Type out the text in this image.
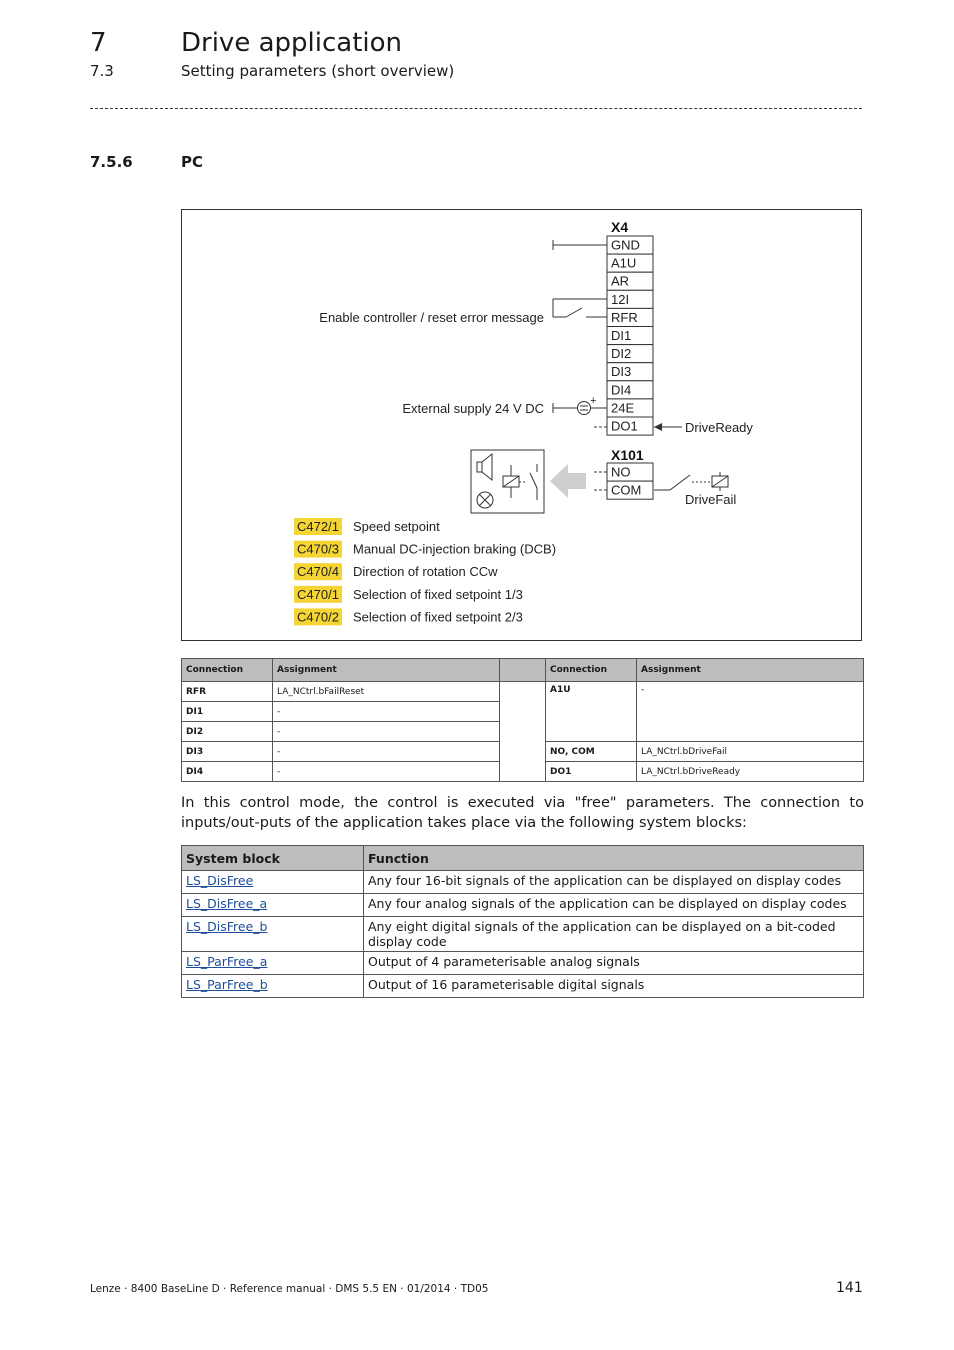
7	Drive application
7.3	Setting parameters (short overview)
7.5.6	PC
X4
GND
A1U
AR
12I
RFR
DI1
DI2
DI3
DI4
24E
DO1
Enable controller / reset error message
+
External supply 24 V DC
DriveReady
X101
NO
COM
DriveFail
C472/1 Speed setpoint
C470/3 Manual DC-injection braking (DCB)
C470/4 Direction of rotation CCw
C470/1 Selection of fixed setpoint 1/3
C470/2 Selection of fixed setpoint 2/3
Connection	Assignment		Connection	Assignment
RFR	LA_NCtrl.bFailReset		A1U	-
DI1	-			
DI2	-			
DI3	-		NO, COM	LA_NCtrl.bDriveFail
DI4	-		DO1	LA_NCtrl.bDriveReady
In this control mode, the control is executed via "free" parameters. The connection to inputs/out-puts of the application takes place via the following system blocks:
System block	Function
LS_DisFree	Any four 16-bit signals of the application can be displayed on display codes
LS_DisFree_a	Any four analog signals of the application can be displayed on display codes
LS_DisFree_b	Any eight digital signals of the application can be displayed on a bit-coded display code
LS_ParFree_a	Output of 4 parameterisable analog signals
LS_ParFree_b	Output of 16 parameterisable digital signals
Lenze · 8400 BaseLine D · Reference manual · DMS 5.5 EN · 01/2014 · TD05	141
